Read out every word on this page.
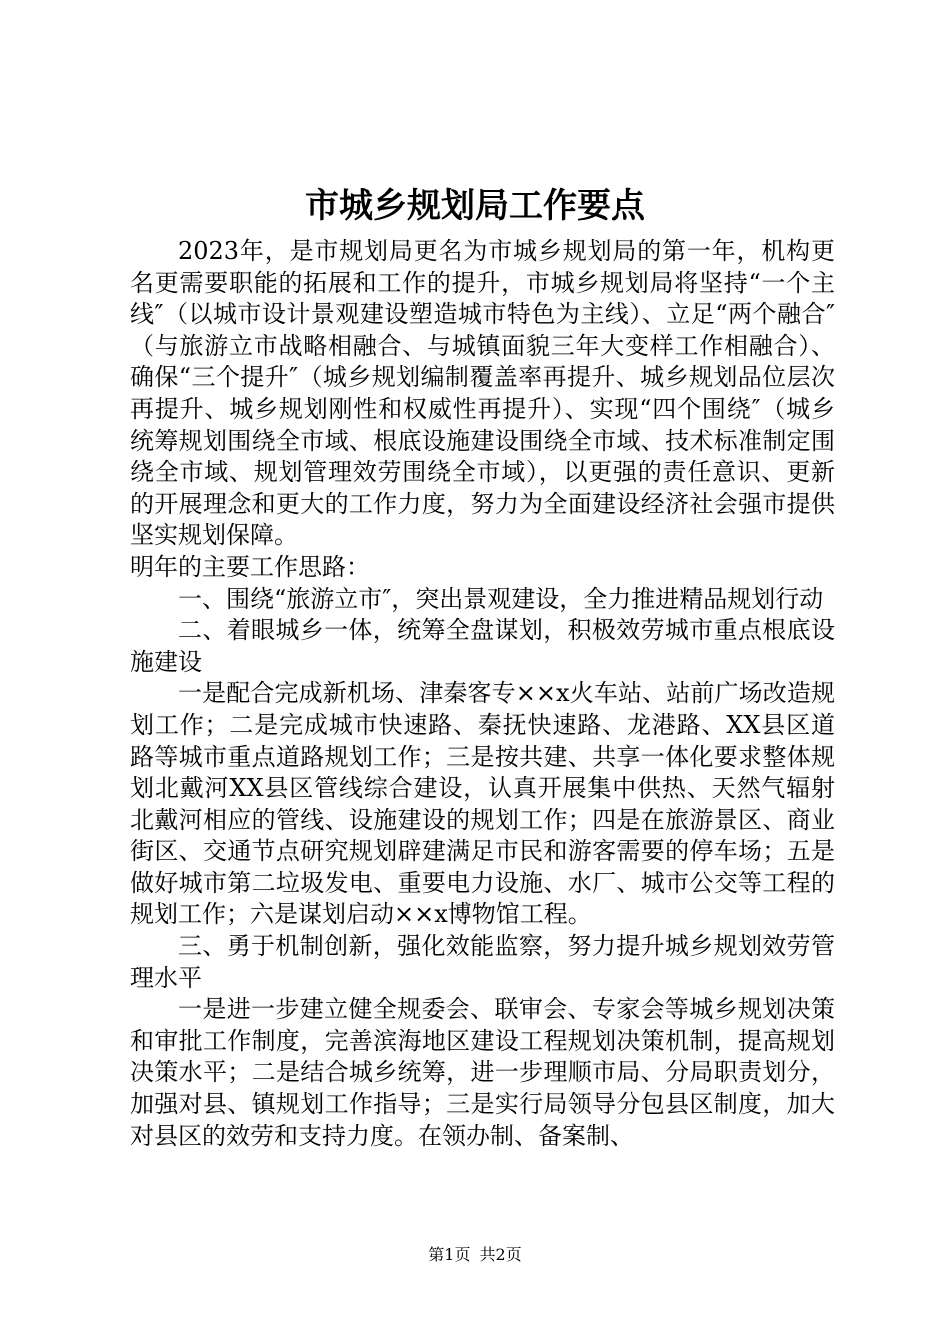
市城乡规划局工作要点

2023年，是市规划局更名为市城乡规划局的第一年，机构更名更需要职能的拓展和工作的提升，市城乡规划局将坚持“一个主线″（以城市设计景观建设塑造城市特色为主线）、立足“两个融合″（与旅游立市战略相融合、与城镇面貌三年大变样工作相融合）、确保“三个提升″（城乡规划编制覆盖率再提升、城乡规划品位层次再提升、城乡规划刚性和权威性再提升）、实现“四个围绕″（城乡统筹规划围绕全市域、根底设施建设围绕全市域、技术标准制定围绕全市域、规划管理效劳围绕全市域），以更强的责任意识、更新的开展理念和更大的工作力度，努力为全面建设经济社会强市提供坚实规划保障。

明年的主要工作思路：

一、围绕“旅游立市″，突出景观建设，全力推进精品规划行动

二、着眼城乡一体，统筹全盘谋划，积极效劳城市重点根底设施建设

一是配合完成新机场、津秦客专××x火车站、站前广场改造规划工作；二是完成城市快速路、秦抚快速路、龙港路、XX县区道路等城市重点道路规划工作；三是按共建、共享一体化要求整体规划北戴河XX县区管线综合建设，认真开展集中供热、天然气辐射北戴河相应的管线、设施建设的规划工作；四是在旅游景区、商业街区、交通节点研究规划辟建满足市民和游客需要的停车场；五是做好城市第二垃圾发电、重要电力设施、水厂、城市公交等工程的规划工作；六是谋划启动××x博物馆工程。

三、勇于机制创新，强化效能监察，努力提升城乡规划效劳管理水平

一是进一步建立健全规委会、联审会、专家会等城乡规划决策和审批工作制度，完善滨海地区建设工程规划决策机制，提高规划决策水平；二是结合城乡统筹，进一步理顺市局、分局职责划分，加强对县、镇规划工作指导；三是实行局领导分包县区制度，加大对县区的效劳和支持力度。在领办制、备案制、

第1页 共2页
